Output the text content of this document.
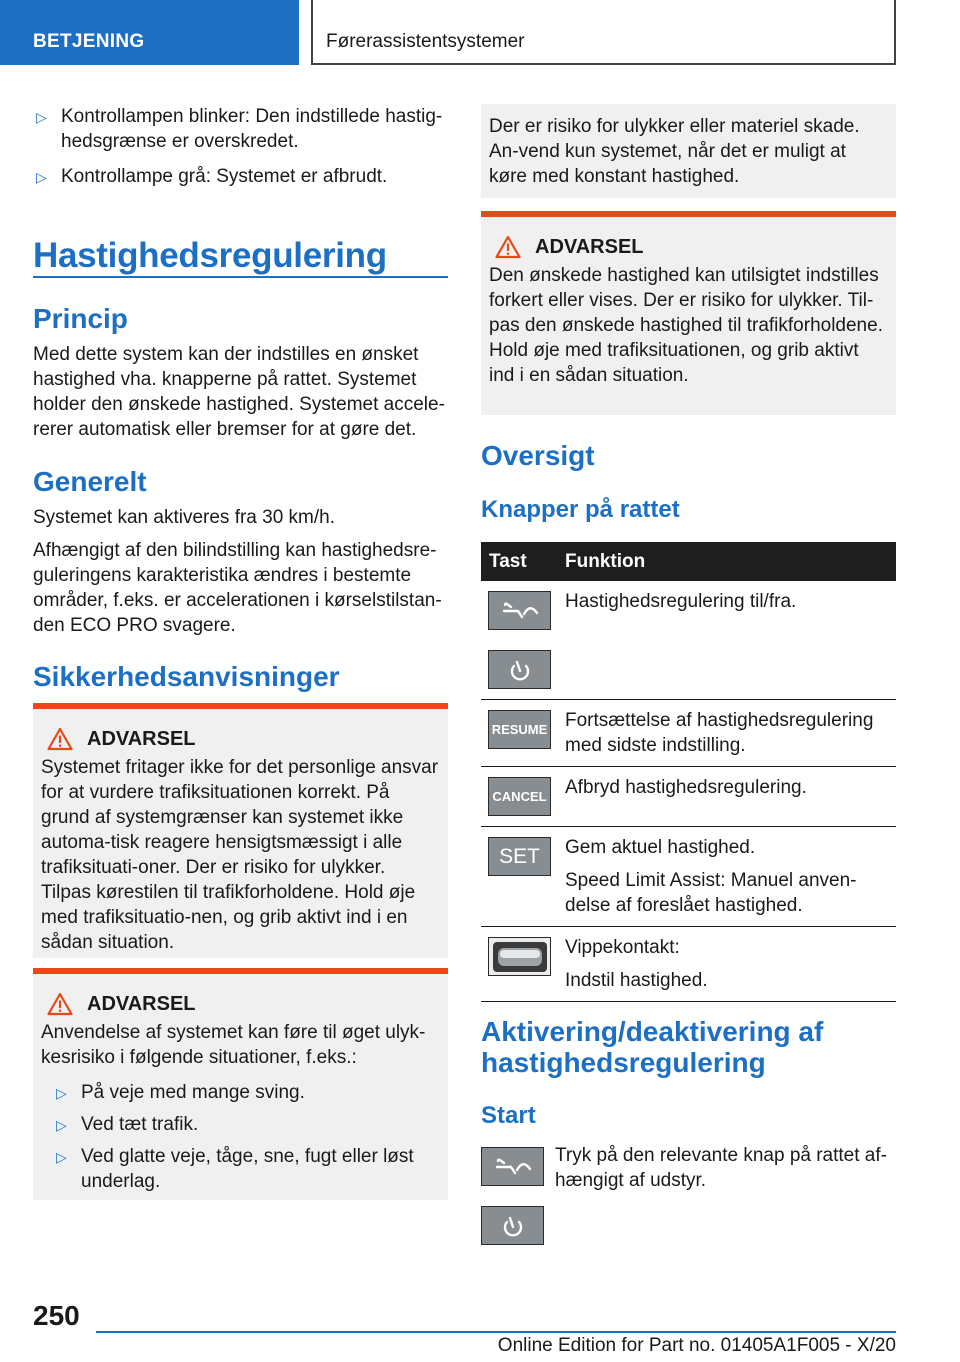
BETJENING	Førerassistentsystemer
▷ Kontrollampen blinker: Den indstillede hastig-hedsgrænse er overskredet.
▷ Kontrollampe grå: Systemet er afbrudt.
Hastighedsregulering
Princip
Med dette system kan der indstilles en ønsket hastighed vha. knapperne på rattet. Systemet holder den ønskede hastighed. Systemet accele-rerer automatisk eller bremser for at gøre det.
Generelt
Systemet kan aktiveres fra 30 km/h.
Afhængigt af den bilindstilling kan hastighedsre-guleringens karakteristika ændres i bestemte områder, f.eks. er accelerationen i kørselstilstan-den ECO PRO svagere.
Sikkerhedsanvisninger
ADVARSEL
Systemet fritager ikke for det personlige ansvar for at vurdere trafiksituationen korrekt. På grund af systemgrænser kan systemet ikke automa-tisk reagere hensigtsmæssigt i alle trafiksituati-oner. Der er risiko for ulykker. Tilpas kørestilen til trafikforholdene. Hold øje med trafiksituatio-nen, og grib aktivt ind i en sådan situation.
ADVARSEL
Anvendelse af systemet kan føre til øget ulyk-kesrisiko i følgende situationer, f.eks.:
▷ På veje med mange sving.
▷ Ved tæt trafik.
▷ Ved glatte veje, tåge, sne, fugt eller løst underlag.
Der er risiko for ulykker eller materiel skade. An-vend kun systemet, når det er muligt at køre med konstant hastighed.
ADVARSEL
Den ønskede hastighed kan utilsigtet indstilles forkert eller vises. Der er risiko for ulykker. Til-pas den ønskede hastighed til trafikforholdene. Hold øje med trafiksituationen, og grib aktivt ind i en sådan situation.
Oversigt
Knapper på rattet
Tast	Funktion

	Hastighedsregulering til/fra.

RESUME	Fortsættelse af hastighedsregulering med sidste indstilling.

CANCEL	Afbryd hastighedsregulering.

SET	Gem aktuel hastighed.
Speed Limit Assist: Manuel anven-delse af foreslået hastighed.

Vippekontakt:
Indstil hastighed.
Aktivering/deaktivering af hastighedsregulering
Start
Tryk på den relevante knap på rattet af-hængigt af udstyr.
250
Online Edition for Part no. 01405A1F005 - X/20
